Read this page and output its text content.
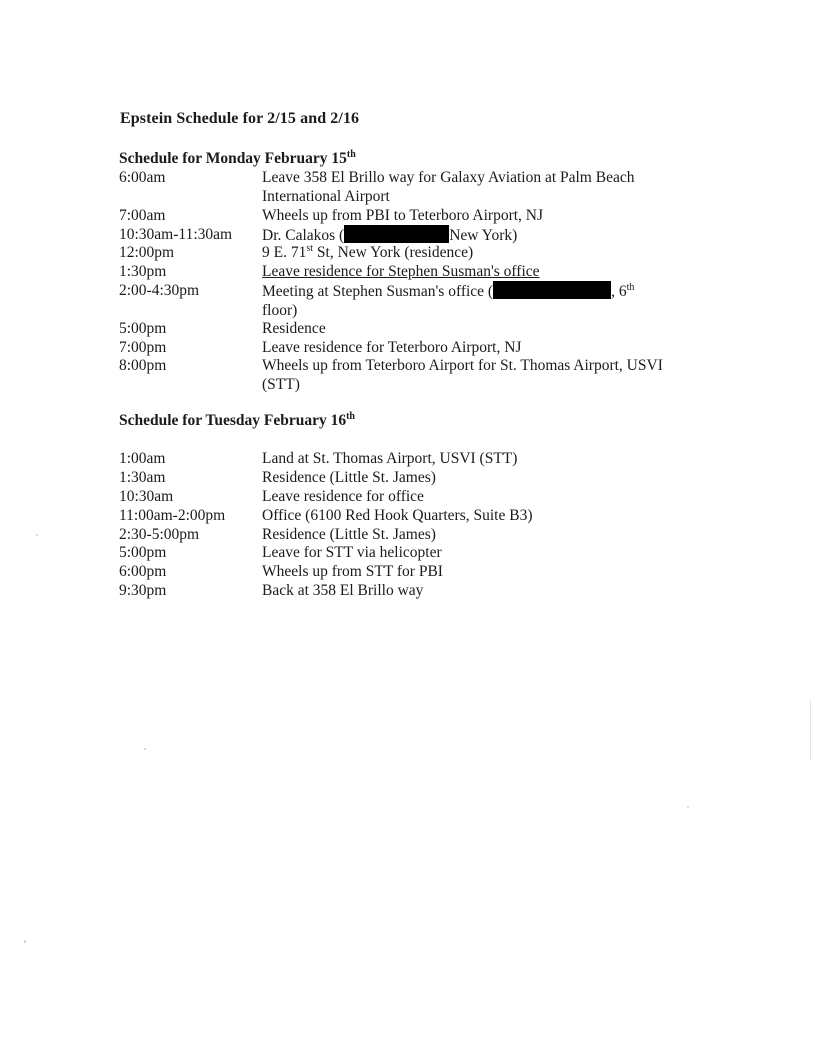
Epstein Schedule for 2/15 and 2/16
Schedule for Monday February 15th
6:00am	Leave 358 El Brillo way for Galaxy Aviation at Palm Beach
International Airport
7:00am	Wheels up from PBI to Teterboro Airport, NJ
10:30am-11:30am Dr. Calakos (	New York)
12:00pm	9 E. 71st St, New York (residence)
1:30pm	Leave residence for Stephen Susman's office
2:00-4:30pm	Meeting at Stephen Susman's office (	, 6th
floor)
5:00pm	Residence
7:00pm	Leave residence for Teterboro Airport, NJ
8:00pm	Wheels up from Teterboro Airport for St. Thomas Airport, USVI
(STT)
Schedule for Tuesday February 16th
1:00am	Land at St. Thomas Airport, USVI (STT)
1:30am	Residence (Little St. James)
10:30am	Leave residence for office
11:00am-2:00pm Office (6100 Red Hook Quarters, Suite B3)
2:30-5:00pm	Residence (Little St. James)
5:00pm	Leave for STT via helicopter
6:00pm	Wheels up from STT for PBI
9:30pm	Back at 358 El Brillo way
